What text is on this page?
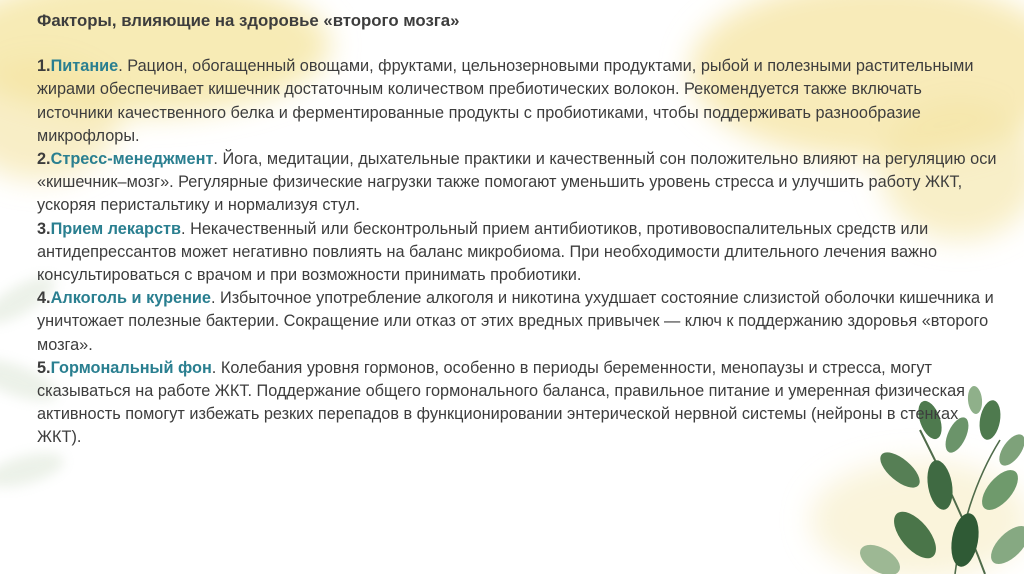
Факторы, влияющие на здоровье «второго мозга»

1.Питание. Рацион, обогащенный овощами, фруктами, цельнозерновыми продуктами, рыбой и полезными растительными жирами обеспечивает кишечник достаточным количеством пребиотических волокон. Рекомендуется также включать источники качественного белка и ферментированные продукты с пробиотиками, чтобы поддерживать разнообразие микрофлоры.

2.Стресс-менеджмент. Йога, медитации, дыхательные практики и качественный сон положительно влияют на регуляцию оси «кишечник–мозг». Регулярные физические нагрузки также помогают уменьшить уровень стресса и улучшить работу ЖКТ, ускоряя перистальтику и нормализуя стул.

3.Прием лекарств. Некачественный или бесконтрольный прием антибиотиков, противовоспалительных средств или антидепрессантов может негативно повлиять на баланс микробиома. При необходимости длительного лечения важно консультироваться с врачом и при возможности принимать пробиотики.

4.Алкоголь и курение. Избыточное употребление алкоголя и никотина ухудшает состояние слизистой оболочки кишечника и уничтожает полезные бактерии. Сокращение или отказ от этих вредных привычек — ключ к поддержанию здоровья «второго мозга».

5.Гормональный фон. Колебания уровня гормонов, особенно в периоды беременности, менопаузы и стресса, могут сказываться на работе ЖКТ. Поддержание общего гормонального баланса, правильное питание и умеренная физическая активность помогут избежать резких перепадов в функционировании энтерической нервной системы (нейроны в стенках ЖКТ).
